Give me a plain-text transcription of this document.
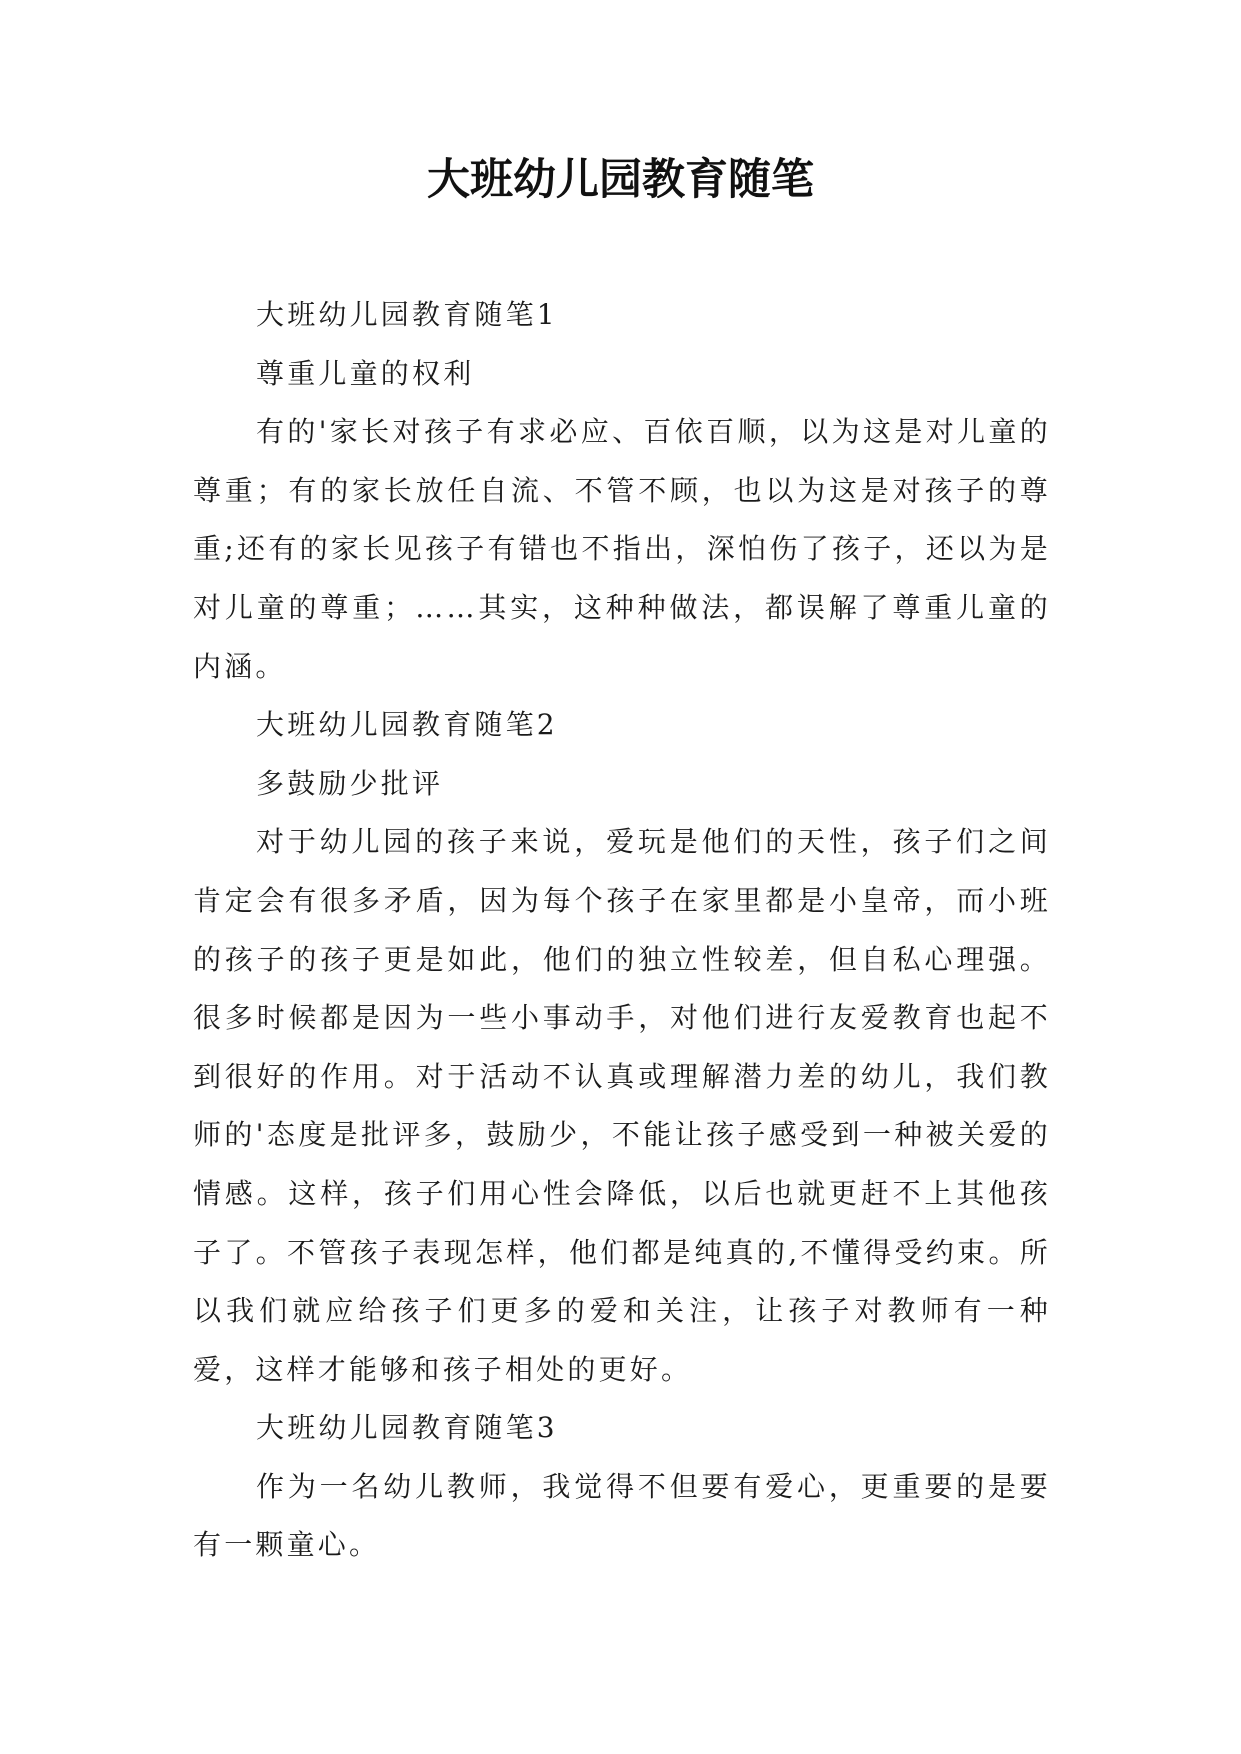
大班幼儿园教育随笔

大班幼儿园教育随笔1

尊重儿童的权利

有的'家长对孩子有求必应、百依百顺，以为这是对儿童的尊重；有的家长放任自流、不管不顾，也以为这是对孩子的尊重;还有的家长见孩子有错也不指出，深怕伤了孩子，还以为是对儿童的尊重；……其实，这种种做法，都误解了尊重儿童的内涵。

大班幼儿园教育随笔2

多鼓励少批评

对于幼儿园的孩子来说，爱玩是他们的天性，孩子们之间肯定会有很多矛盾，因为每个孩子在家里都是小皇帝，而小班的孩子的孩子更是如此，他们的独立性较差，但自私心理强。很多时候都是因为一些小事动手，对他们进行友爱教育也起不到很好的作用。对于活动不认真或理解潜力差的幼儿，我们教师的'态度是批评多，鼓励少，不能让孩子感受到一种被关爱的情感。这样，孩子们用心性会降低，以后也就更赶不上其他孩子了。不管孩子表现怎样，他们都是纯真的,不懂得受约束。所以我们就应给孩子们更多的爱和关注，让孩子对教师有一种爱，这样才能够和孩子相处的更好。

大班幼儿园教育随笔3

作为一名幼儿教师，我觉得不但要有爱心，更重要的是要有一颗童心。
